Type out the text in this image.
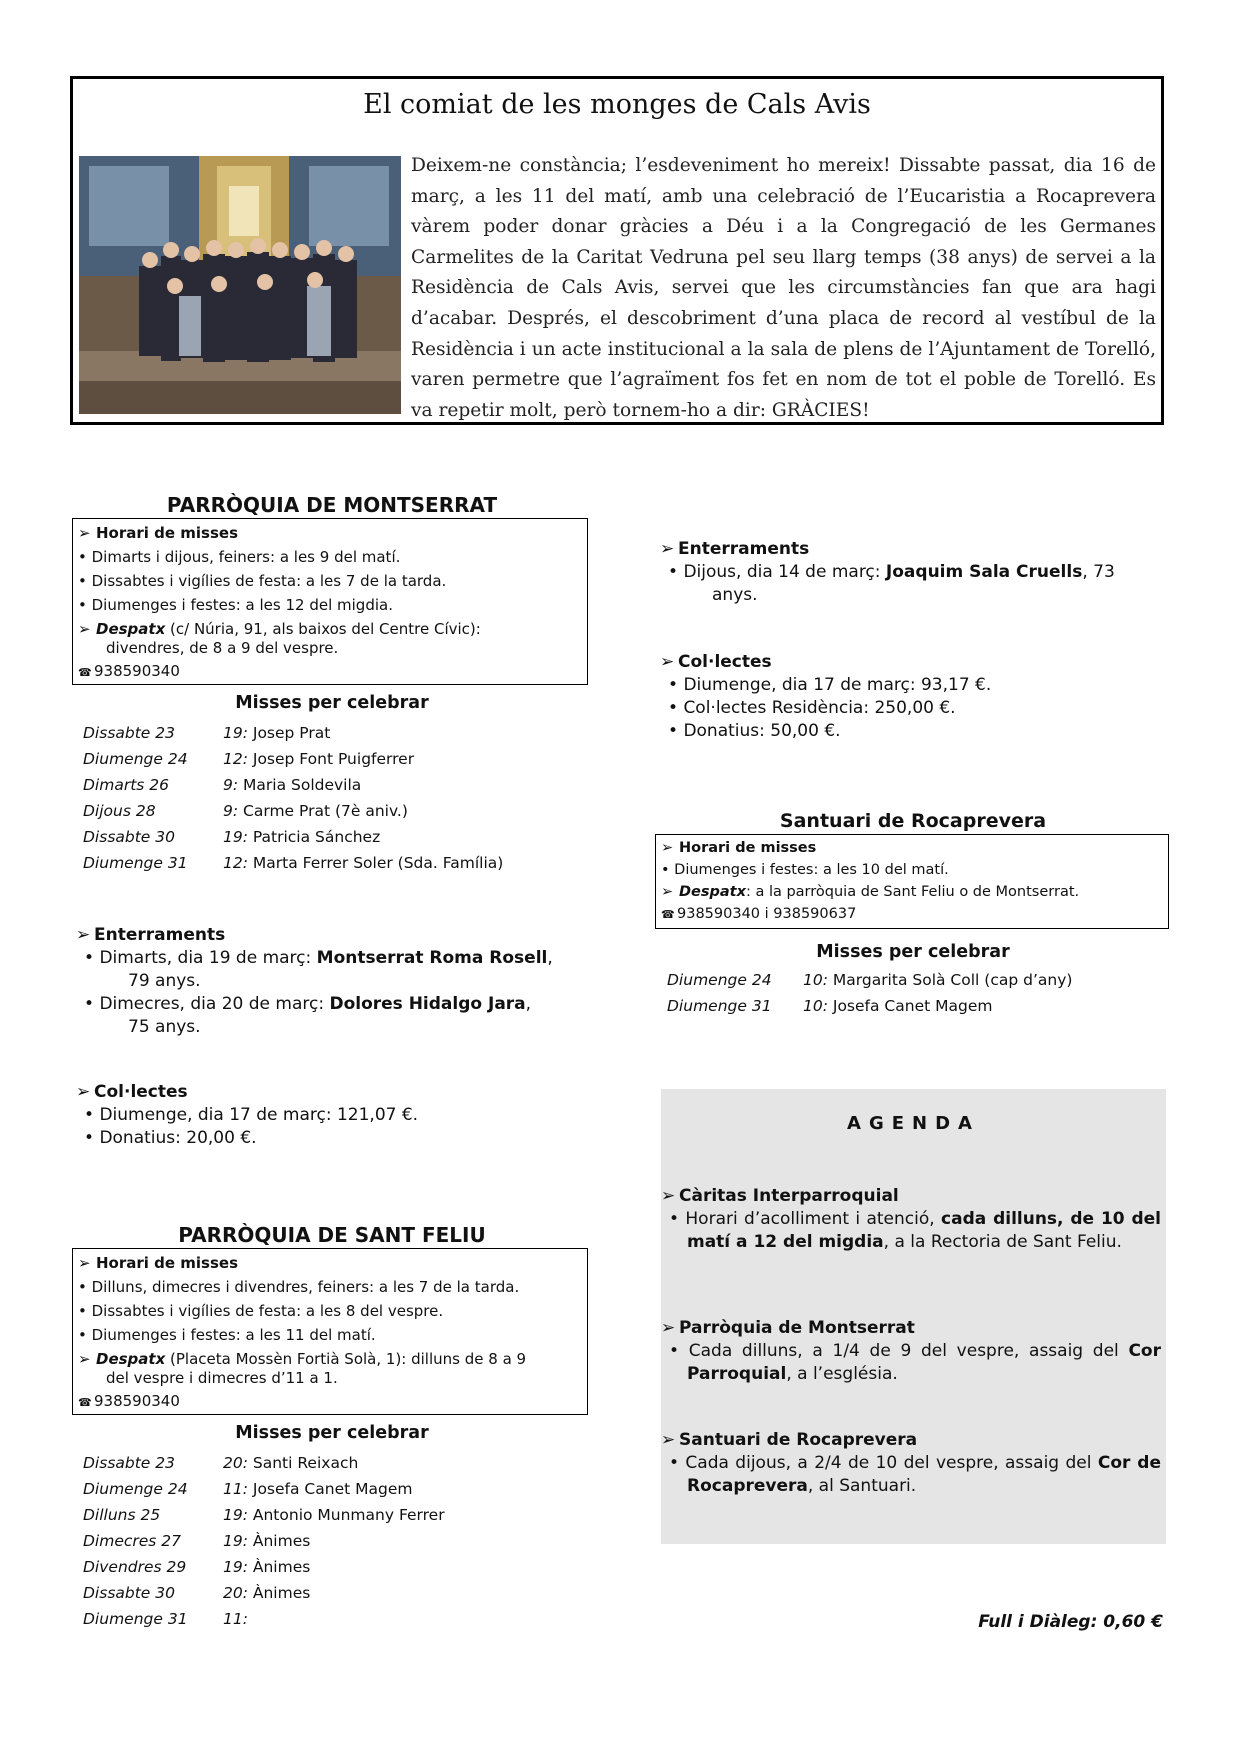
El comiat de les monges de Cals Avis
Deixem-ne constància; l’esdeveniment ho mereix! Dissabte passat, dia 16 de març, a les 11 del matí, amb una celebració de l’Eucaristia a Rocaprevera vàrem poder donar gràcies a Déu i a la Congregació de les Germanes Carmelites de la Caritat Vedruna pel seu llarg temps (38 anys) de servei a la Residència de Cals Avis, servei que les circumstàncies fan que ara hagi d’acabar. Després, el descobriment d’una placa de record al vestíbul de la Residència i un acte institucional a la sala de plens de l’Ajuntament de Torelló, varen permetre que l’agraïment fos fet en nom de tot el poble de Torelló. Es va repetir molt, però tornem-ho a dir: GRÀCIES!
PARRÒQUIA DE MONTSERRAT
➢ Horari de misses
• Dimarts i dijous, feiners: a les 9 del matí.
• Dissabtes i vigílies de festa: a les 7 de la tarda.
• Diumenges i festes: a les 12 del migdia.
➢ Despatx (c/ Núria, 91, als baixos del Centre Cívic):
divendres, de 8 a 9 del vespre.
☎ 938590340
Misses per celebrar
Dissabte 23	19: Josep Prat
Diumenge 24 12: Josep Font Puigferrer
Dimarts 26	9: Maria Soldevila
Dijous 28	9: Carme Prat (7è aniv.)
Dissabte 30	19: Patricia Sánchez
Diumenge 31 12: Marta Ferrer Soler (Sda. Família)
➢ Enterraments
• Dimarts, dia 19 de març: Montserrat Roma Rosell,
79 anys.
• Dimecres, dia 20 de març: Dolores Hidalgo Jara,
75 anys.
➢ Col·lectes
• Diumenge, dia 17 de març: 121,07 €.
• Donatius: 20,00 €.
PARRÒQUIA DE SANT FELIU
➢ Horari de misses
• Dilluns, dimecres i divendres, feiners: a les 7 de la tarda.
• Dissabtes i vigílies de festa: a les 8 del vespre.
• Diumenges i festes: a les 11 del matí.
➢ Despatx (Placeta Mossèn Fortià Solà, 1): dilluns de 8 a 9
del vespre i dimecres d’11 a 1.
☎ 938590340
Misses per celebrar
Dissabte 23	20: Santi Reixach
Diumenge 24 11: Josefa Canet Magem
Dilluns 25	19: Antonio Munmany Ferrer
Dimecres 27	19: Ànimes
Divendres 29 19: Ànimes
Dissabte 30	20: Ànimes
Diumenge 31 11:
➢ Enterraments
• Dijous, dia 14 de març: Joaquim Sala Cruells, 73
anys.
➢ Col·lectes
• Diumenge, dia 17 de març: 93,17 €.
• Col·lectes Residència: 250,00 €.
• Donatius: 50,00 €.
Santuari de Rocaprevera
➢ Horari de misses
• Diumenges i festes: a les 10 del matí.
➢ Despatx: a la parròquia de Sant Feliu o de Montserrat.
☎ 938590340 i 938590637
Misses per celebrar
Diumenge 24 10: Margarita Solà Coll (cap d’any)
Diumenge 31 10: Josefa Canet Magem
AGENDA
➢ Càritas Interparroquial
• Horari d’acolliment i atenció, cada dilluns, de 10 del matí a 12 del migdia, a la Rectoria de Sant Feliu.
➢ Parròquia de Montserrat
• Cada dilluns, a 1/4 de 9 del vespre, assaig del Cor Parroquial, a l’església.
➢ Santuari de Rocaprevera
• Cada dijous, a 2/4 de 10 del vespre, assaig del Cor de Rocaprevera, al Santuari.
Full i Diàleg: 0,60 €
